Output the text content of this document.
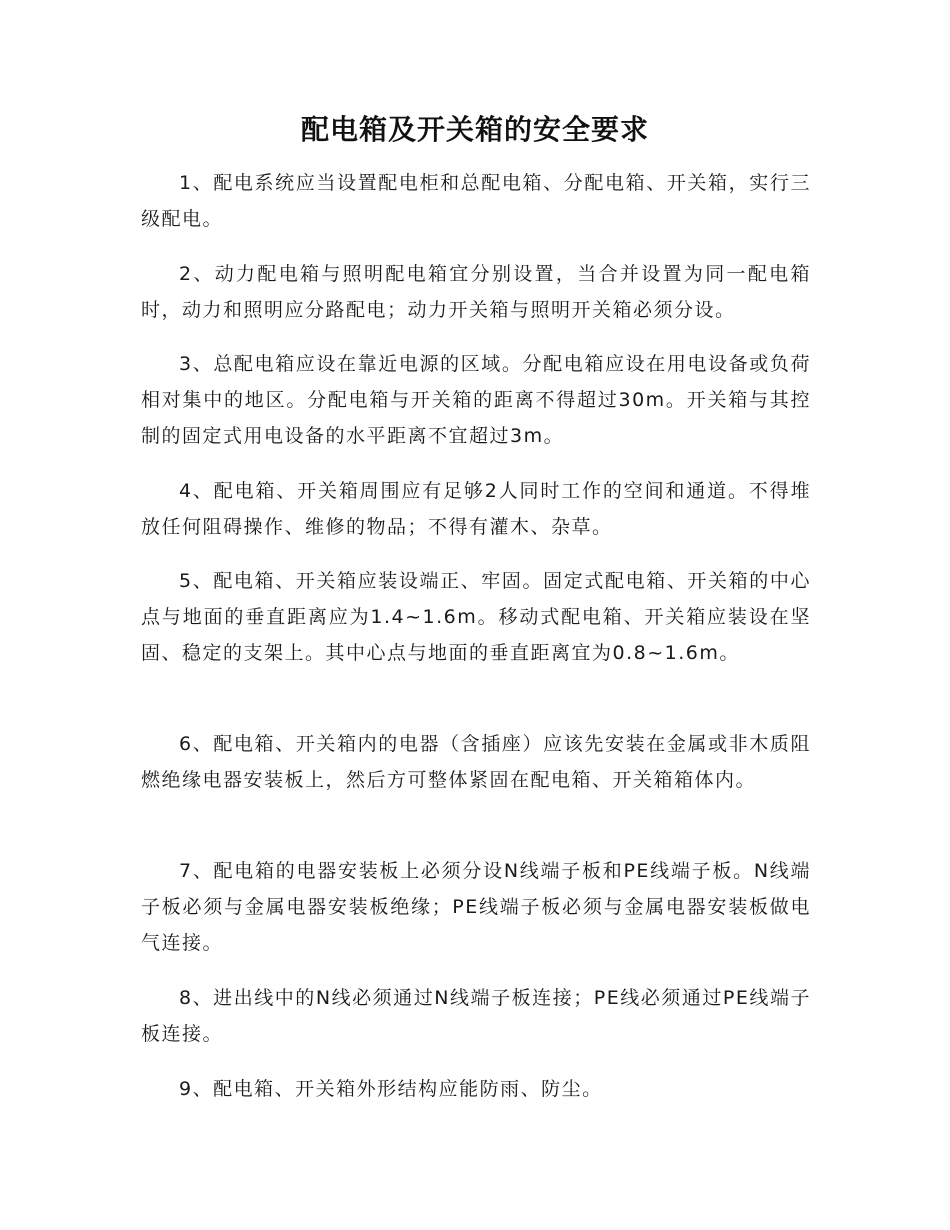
配电箱及开关箱的安全要求

1、配电系统应当设置配电柜和总配电箱、分配电箱、开关箱，实行三级配电。

2、动力配电箱与照明配电箱宜分别设置，当合并设置为同一配电箱时，动力和照明应分路配电；动力开关箱与照明开关箱必须分设。

3、总配电箱应设在靠近电源的区域。分配电箱应设在用电设备或负荷相对集中的地区。分配电箱与开关箱的距离不得超过30m。开关箱与其控制的固定式用电设备的水平距离不宜超过3m。

4、配电箱、开关箱周围应有足够2人同时工作的空间和通道。不得堆放任何阻碍操作、维修的物品；不得有灌木、杂草。

5、配电箱、开关箱应装设端正、牢固。固定式配电箱、开关箱的中心点与地面的垂直距离应为1.4~1.6m。移动式配电箱、开关箱应装设在坚固、稳定的支架上。其中心点与地面的垂直距离宜为0.8~1.6m。

6、配电箱、开关箱内的电器（含插座）应该先安装在金属或非木质阻燃绝缘电器安装板上，然后方可整体紧固在配电箱、开关箱箱体内。

7、配电箱的电器安装板上必须分设N线端子板和PE线端子板。N线端子板必须与金属电器安装板绝缘；PE线端子板必须与金属电器安装板做电气连接。

8、进出线中的N线必须通过N线端子板连接；PE线必须通过PE线端子板连接。

9、配电箱、开关箱外形结构应能防雨、防尘。
